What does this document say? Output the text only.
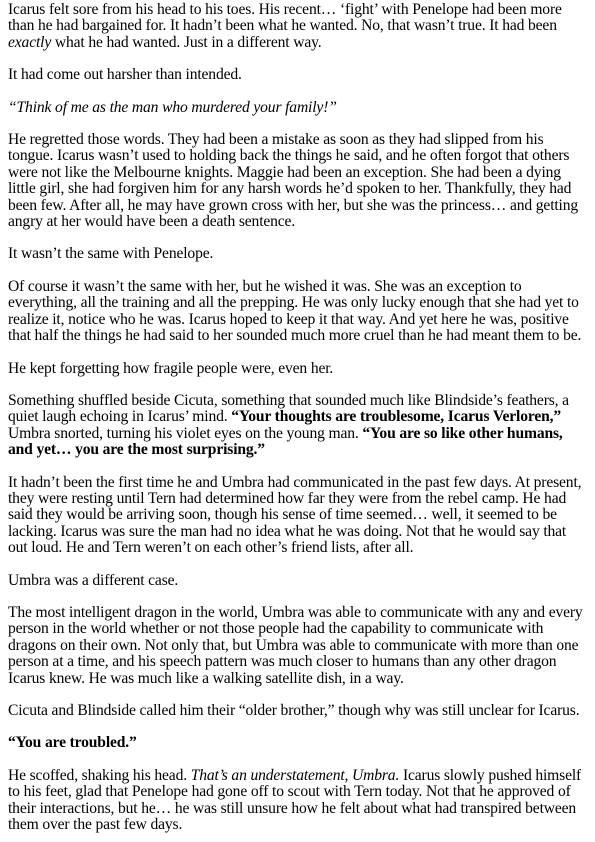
Icarus felt sore from his head to his toes. His recent… ‘fight’ with Penelope had been more than he had bargained for. It hadn’t been what he wanted. No, that wasn’t true. It had been exactly what he had wanted. Just in a different way.

It had come out harsher than intended.

“Think of me as the man who murdered your family!”

He regretted those words. They had been a mistake as soon as they had slipped from his tongue. Icarus wasn’t used to holding back the things he said, and he often forgot that others were not like the Melbourne knights. Maggie had been an exception. She had been a dying little girl, she had forgiven him for any harsh words he’d spoken to her. Thankfully, they had been few. After all, he may have grown cross with her, but she was the princess… and getting angry at her would have been a death sentence.

It wasn’t the same with Penelope.

Of course it wasn’t the same with her, but he wished it was. She was an exception to everything, all the training and all the prepping. He was only lucky enough that she had yet to realize it, notice who he was. Icarus hoped to keep it that way. And yet here he was, positive that half the things he had said to her sounded much more cruel than he had meant them to be.

He kept forgetting how fragile people were, even her.

Something shuffled beside Cicuta, something that sounded much like Blindside’s feathers, a quiet laugh echoing in Icarus’ mind. “Your thoughts are troublesome, Icarus Verloren,” Umbra snorted, turning his violet eyes on the young man. “You are so like other humans, and yet… you are the most surprising.”

It hadn’t been the first time he and Umbra had communicated in the past few days. At present, they were resting until Tern had determined how far they were from the rebel camp. He had said they would be arriving soon, though his sense of time seemed… well, it seemed to be lacking. Icarus was sure the man had no idea what he was doing. Not that he would say that out loud. He and Tern weren’t on each other’s friend lists, after all.

Umbra was a different case.

The most intelligent dragon in the world, Umbra was able to communicate with any and every person in the world whether or not those people had the capability to communicate with dragons on their own. Not only that, but Umbra was able to communicate with more than one person at a time, and his speech pattern was much closer to humans than any other dragon Icarus knew. He was much like a walking satellite dish, in a way.

Cicuta and Blindside called him their “older brother,” though why was still unclear for Icarus.

“You are troubled.”

He scoffed, shaking his head. That’s an understatement, Umbra. Icarus slowly pushed himself to his feet, glad that Penelope had gone off to scout with Tern today. Not that he approved of their interactions, but he… he was still unsure how he felt about what had transpired between them over the past few days.
